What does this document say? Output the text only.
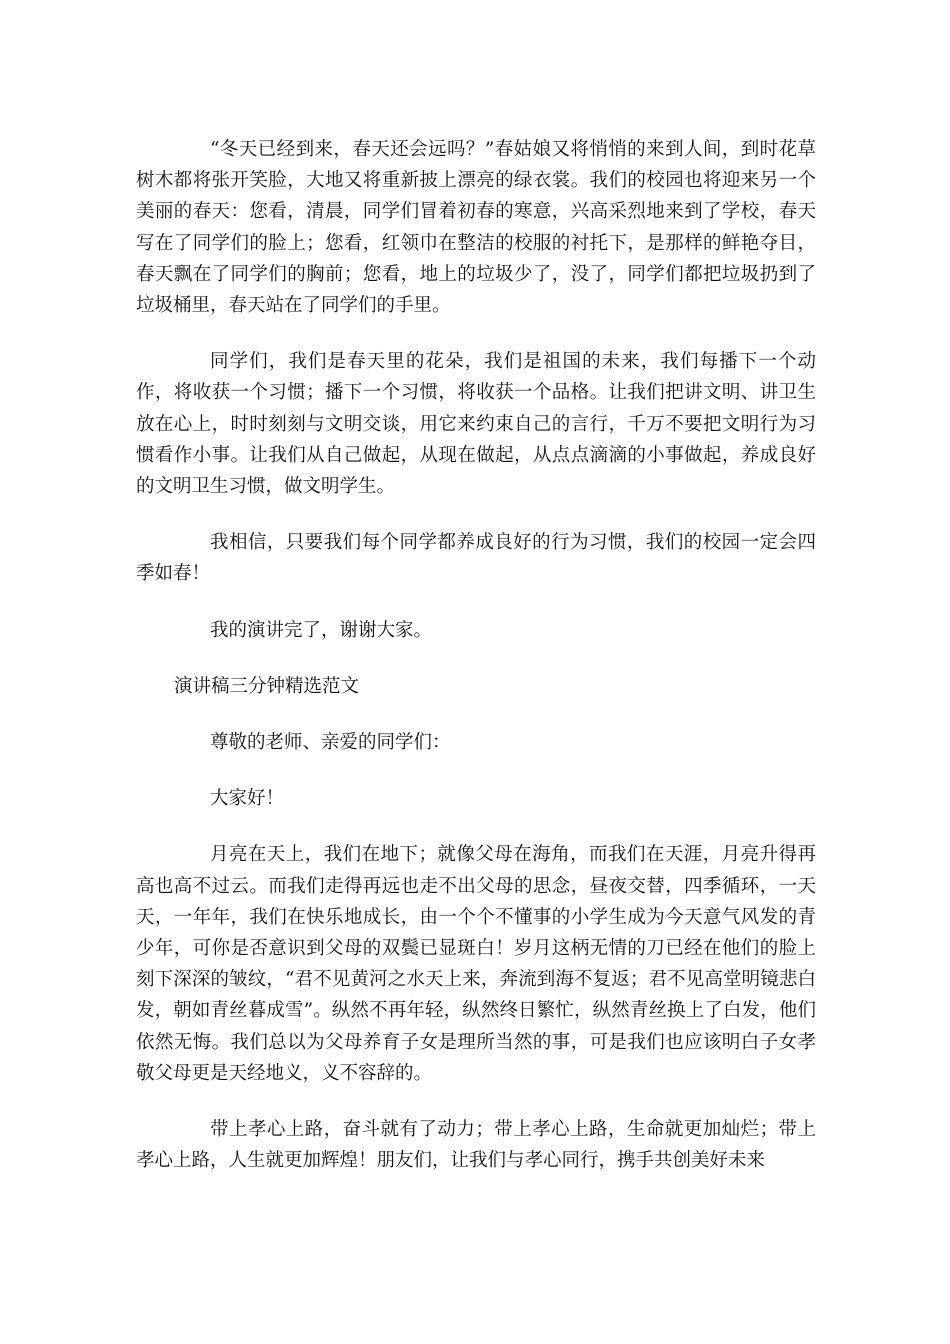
“冬天已经到来，春天还会远吗？”春姑娘又将悄悄的来到人间，到时花草树木都将张开笑脸，大地又将重新披上漂亮的绿衣裳。我们的校园也将迎来另一个美丽的春天：您看，清晨，同学们冒着初春的寒意，兴高采烈地来到了学校，春天写在了同学们的脸上；您看，红领巾在整洁的校服的衬托下，是那样的鲜艳夺目，春天飘在了同学们的胸前；您看，地上的垃圾少了，没了，同学们都把垃圾扔到了垃圾桶里，春天站在了同学们的手里。

同学们，我们是春天里的花朵，我们是祖国的未来，我们每播下一个动作，将收获一个习惯；播下一个习惯，将收获一个品格。让我们把讲文明、讲卫生放在心上，时时刻刻与文明交谈，用它来约束自己的言行，千万不要把文明行为习惯看作小事。让我们从自己做起，从现在做起，从点点滴滴的小事做起，养成良好的文明卫生习惯，做文明学生。

我相信，只要我们每个同学都养成良好的行为习惯，我们的校园一定会四季如春！

我的演讲完了，谢谢大家。

演讲稿三分钟精选范文

尊敬的老师、亲爱的同学们：

大家好！

月亮在天上，我们在地下；就像父母在海角，而我们在天涯，月亮升得再高也高不过云。而我们走得再远也走不出父母的思念，昼夜交替，四季循环，一天天，一年年，我们在快乐地成长，由一个个不懂事的小学生成为今天意气风发的青少年，可你是否意识到父母的双鬓已显斑白！岁月这柄无情的刀已经在他们的脸上刻下深深的皱纹，“君不见黄河之水天上来，奔流到海不复返；君不见高堂明镜悲白发，朝如青丝暮成雪”。纵然不再年轻，纵然终日繁忙，纵然青丝换上了白发，他们依然无悔。我们总以为父母养育子女是理所当然的事，可是我们也应该明白子女孝敬父母更是天经地义，义不容辞的。

带上孝心上路，奋斗就有了动力；带上孝心上路，生命就更加灿烂；带上孝心上路，人生就更加辉煌！朋友们，让我们与孝心同行，携手共创美好未来
